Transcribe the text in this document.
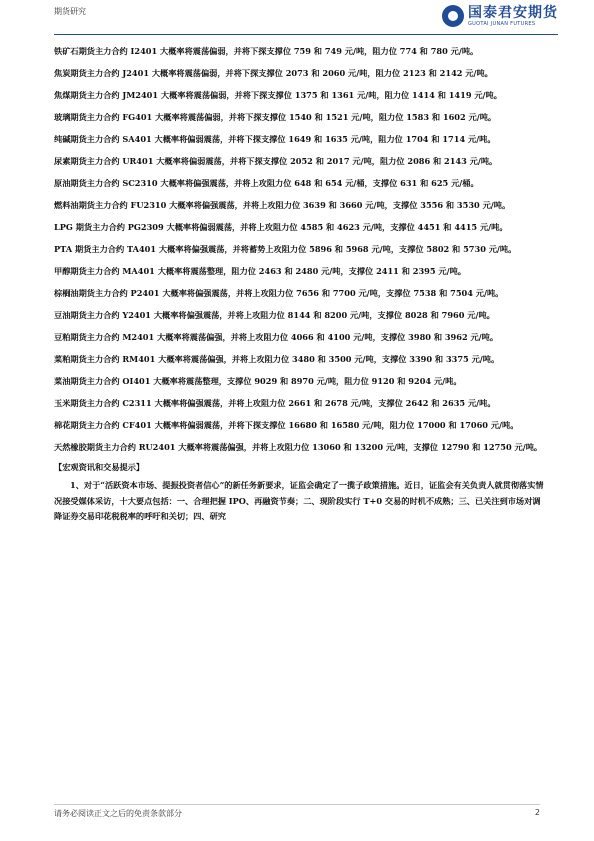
期货研究	国泰君安期货
GUOTAI JUNAN FUTURES

铁矿石期货主力合约 I2401 大概率将震荡偏弱，并将下探支撑位 759 和 749 元/吨，阻力位 774 和 780 元/吨。

焦炭期货主力合约 J2401 大概率将震荡偏弱，并将下探支撑位 2073 和 2060 元/吨，阻力位 2123 和 2142 元/吨。

焦煤期货主力合约 JM2401 大概率将震荡偏弱，并将下探支撑位 1375 和 1361 元/吨，阻力位 1414 和 1419 元/吨。

玻璃期货主力合约 FG401 大概率将震荡偏弱，并将下探支撑位 1540 和 1521 元/吨，阻力位 1583 和 1602 元/吨。

纯碱期货主力合约 SA401 大概率将偏弱震荡，并将下探支撑位 1649 和 1635 元/吨，阻力位 1704 和 1714 元/吨。

尿素期货主力合约 UR401 大概率将偏弱震荡，并将下探支撑位 2052 和 2017 元/吨，阻力位 2086 和 2143 元/吨。

原油期货主力合约 SC2310 大概率将偏强震荡，并将上攻阻力位 648 和 654 元/桶，支撑位 631 和 625 元/桶。

燃料油期货主力合约 FU2310 大概率将偏强震荡，并将上攻阻力位 3639 和 3660 元/吨，支撑位 3556 和 3530 元/吨。

LPG 期货主力合约 PG2309 大概率将偏弱震荡，并将上攻阻力位 4585 和 4623 元/吨，支撑位 4451 和 4415 元/吨。

PTA 期货主力合约 TA401 大概率将偏强震荡，并将蓄势上攻阻力位 5896 和 5968 元/吨，支撑位 5802 和 5730 元/吨。

甲醇期货主力合约 MA401 大概率将震荡整理，阻力位 2463 和 2480 元/吨，支撑位 2411 和 2395 元/吨。

棕榈油期货主力合约 P2401 大概率将偏强震荡，并将上攻阻力位 7656 和 7700 元/吨，支撑位 7538 和 7504 元/吨。

豆油期货主力合约 Y2401 大概率将偏强震荡，并将上攻阻力位 8144 和 8200 元/吨，支撑位 8028 和 7960 元/吨。

豆粕期货主力合约 M2401 大概率将震荡偏强，并将上攻阻力位 4066 和 4100 元/吨，支撑位 3980 和 3962 元/吨。

菜粕期货主力合约 RM401 大概率将震荡偏强，并将上攻阻力位 3480 和 3500 元/吨，支撑位 3390 和 3375 元/吨。

菜油期货主力合约 OI401 大概率将震荡整理，支撑位 9029 和 8970 元/吨，阻力位 9120 和 9204 元/吨。

玉米期货主力合约 C2311 大概率将偏强震荡，并将上攻阻力位 2661 和 2678 元/吨，支撑位 2642 和 2635 元/吨。

棉花期货主力合约 CF401 大概率将偏弱震荡，并将下探支撑位 16680 和 16580 元/吨，阻力位 17000 和 17060 元/吨。

天然橡胶期货主力合约 RU2401 大概率将震荡偏强，并将上攻阻力位 13060 和 13200 元/吨，支撑位 12790 和 12750 元/吨。

【宏观资讯和交易提示】

1、对于“活跃资本市场、提振投资者信心”的新任务新要求，证监会确定了一揽子政策措施。近日，证监会有关负责人就贯彻落实情况接受媒体采访，十大要点包括：一、合理把握 IPO、再融资节奏；二、现阶段实行 T+0 交易的时机不成熟；三、已关注到市场对调降证券交易印花税税率的呼吁和关切；四、研究

请务必阅读正文之后的免责条款部分	2
